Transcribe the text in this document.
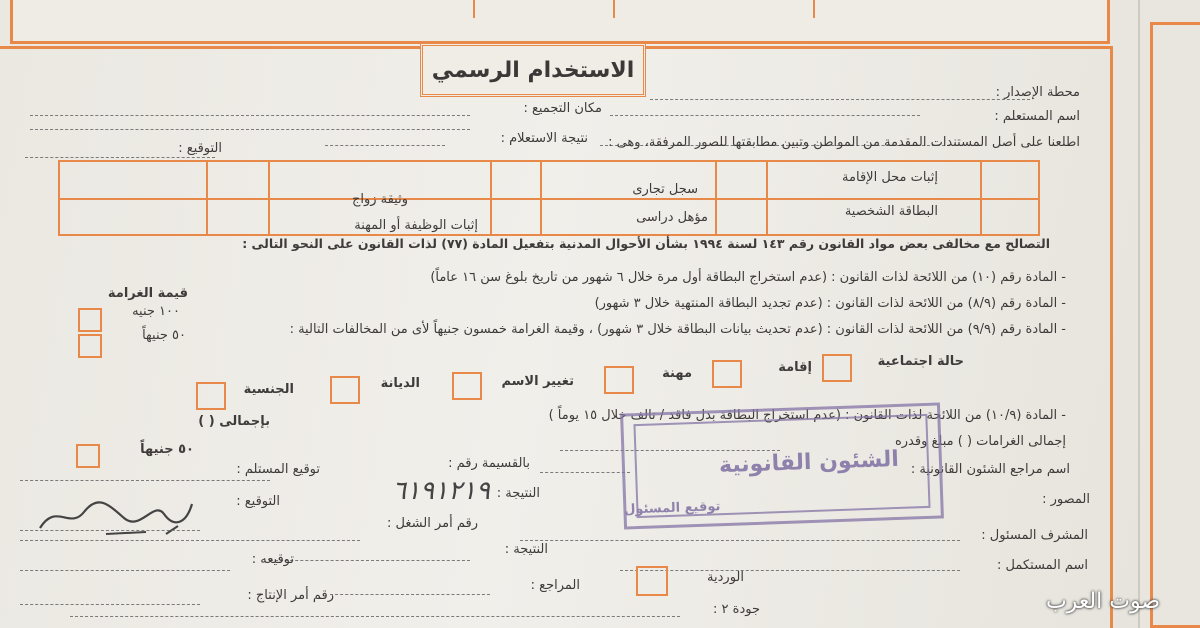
الاستخدام الرسمي
محطة الإصدار :
مكان التجميع :
اسم المستعلم :
نتيجة الاستعلام :
التوقيع :	اطلعنا على أصل المستندات المقدمة من المواطن وتبين مطابقتها للصور المرفقة، وهى :
إثبات محل الإقامة
البطاقة الشخصية
سجل تجارى
مؤهل دراسى
وثيقة زواج
إثبات الوظيفة أو المهنة
التصالح مع مخالفى بعض مواد القانون رقم ١٤٣ لسنة ١٩٩٤ بشأن الأحوال المدنية بتفعيل المادة (٧٧) لذات القانون على النحو التالى :
قيمة الغرامة
- المادة رقم (١٠) من اللائحة لذات القانون : (عدم استخراج البطاقة أول مرة خلال ٦ شهور من تاريخ بلوغ سن ١٦ عاماً)
- المادة رقم (٨/٩) من اللائحة لذات القانون : (عدم تجديد البطاقة المنتهية خلال ٣ شهور)
١٠٠ جنيه
- المادة رقم (٩/٩) من اللائحة لذات القانون : (عدم تحديث بيانات البطاقة خلال ٣ شهور) ، وقيمة الغرامة خمسون جنيهاً لأى من المخالفات التالية :
٥٠ جنيهاً
حالة اجتماعية
إقامة
مهنة
تغيير الاسم
الديانة
الجنسية
- المادة (١٠/٩) من اللائحة لذات القانون : (عدم استخراج البطاقة بدل فاقد / تالف خلال ١٥ يوماً )
بإجمالى ( )
إجمالى الغرامات ( ) مبلغ وقدره
٥٠ جنيهاً
اسم مراجع الشئون القانونية :
بالقسيمة رقم :
توقيع المستلم :
النتيجة :
٦١٩١٢١٩
التوقيع :	المصور :
المشرف المسئول :
رقم أمر الشغل :
النتيجة :
اسم المستكمل :
توقيعه :
الوردية
المراجع :
رقم أمر الإنتاج :
جودة ٢ :
الشئون القانونية
توقيع المسئول
صوت العرب
